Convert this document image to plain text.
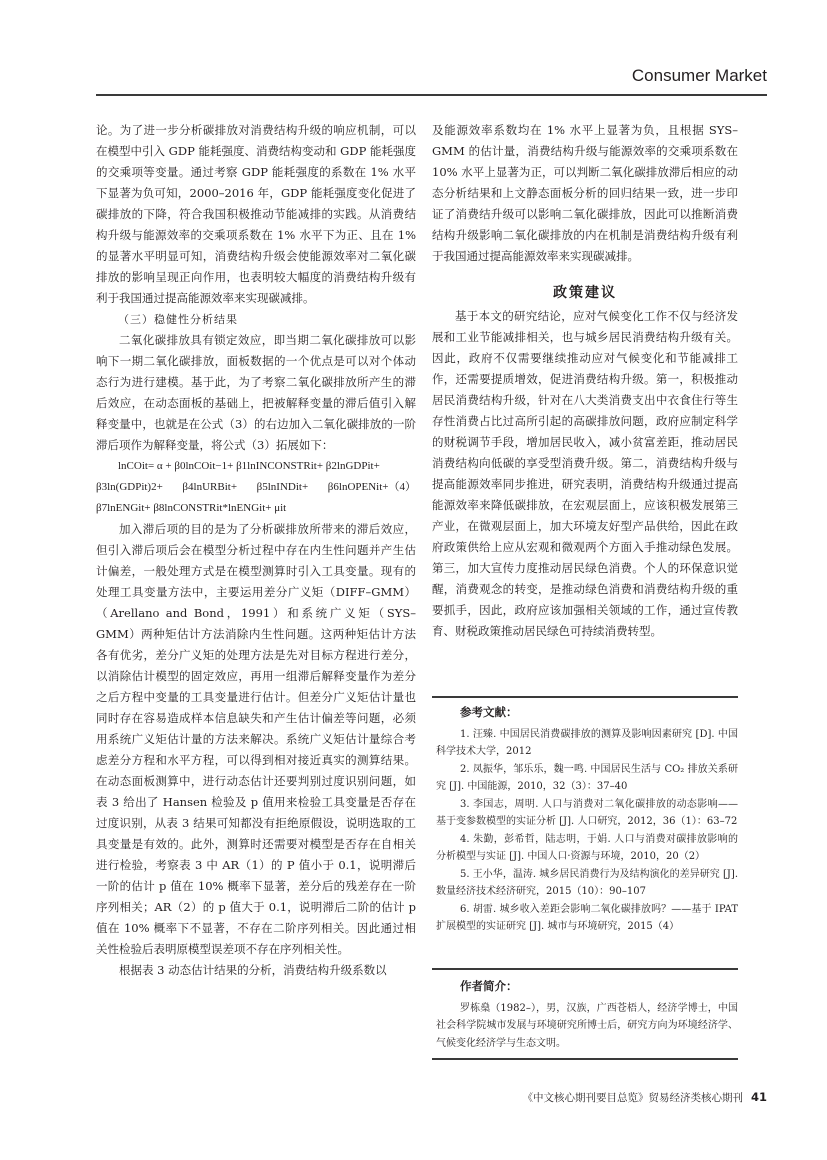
Consumer Market

论。为了进一步分析碳排放对消费结构升级的响应机制，可以在模型中引入 GDP 能耗强度、消费结构变动和 GDP 能耗强度的交乘项等变量。通过考察 GDP 能耗强度的系数在 1% 水平下显著为负可知，2000–2016 年，GDP 能耗强度变化促进了碳排放的下降，符合我国积极推动节能减排的实践。从消费结构升级与能源效率的交乘项系数在 1% 水平下为正、且在 1% 的显著水平明显可知，消费结构升级会使能源效率对二氧化碳排放的影响呈现正向作用，也表明较大幅度的消费结构升级有利于我国通过提高能源效率来实现碳减排。

（三）稳健性分析结果

二氧化碳排放具有锁定效应，即当期二氧化碳排放可以影响下一期二氧化碳排放，面板数据的一个优点是可以对个体动态行为进行建模。基于此，为了考察二氧化碳排放所产生的滞后效应，在动态面板的基础上，把被解释变量的滞后值引入解释变量中，也就是在公式（3）的右边加入二氧化碳排放的一阶滞后项作为解释变量，将公式（3）拓展如下：

lnCOit= α + β0lnCOit−1+ β1lnINCONSTRit+ β2lnGDPit+

（4）
β3ln(GDPit)2+ β4lnURBit+ β5lnINDit+ β6lnOPENit+ β7lnENGit+ β8lnCONSTRit*lnENGit+ μit

加入滞后项的目的是为了分析碳排放所带来的滞后效应，但引入滞后项后会在模型分析过程中存在内生性问题并产生估计偏差，一般处理方式是在模型测算时引入工具变量。现有的处理工具变量方法中，主要运用差分广义矩（DIFF–GMM）（Arellano and Bond，1991）和系统广义矩（SYS–GMM）两种矩估计方法消除内生性问题。这两种矩估计方法各有优劣，差分广义矩的处理方法是先对目标方程进行差分，以消除估计模型的固定效应，再用一组滞后解释变量作为差分之后方程中变量的工具变量进行估计。但差分广义矩估计量也同时存在容易造成样本信息缺失和产生估计偏差等问题，必须用系统广义矩估计量的方法来解决。系统广义矩估计量综合考虑差分方程和水平方程，可以得到相对接近真实的测算结果。在动态面板测算中，进行动态估计还要判别过度识别问题，如表 3 给出了 Hansen 检验及 p 值用来检验工具变量是否存在过度识别，从表 3 结果可知都没有拒绝原假设，说明选取的工具变量是有效的。此外，测算时还需要对模型是否存在自相关进行检验，考察表 3 中 AR（1）的 P 值小于 0.1，说明滞后一阶的估计 p 值在 10% 概率下显著，差分后的残差存在一阶序列相关；AR（2）的 p 值大于 0.1，说明滞后二阶的估计 p 值在 10% 概率下不显著，不存在二阶序列相关。因此通过相关性检验后表明原模型误差项不存在序列相关性。

根据表 3 动态估计结果的分析，消费结构升级系数以

及能源效率系数均在 1% 水平上显著为负，且根据 SYS–GMM 的估计量，消费结构升级与能源效率的交乘项系数在 10% 水平上显著为正，可以判断二氧化碳排放滞后相应的动态分析结果和上文静态面板分析的回归结果一致，进一步印证了消费结升级可以影响二氧化碳排放，因此可以推断消费结构升级影响二氧化碳排放的内在机制是消费结构升级有利于我国通过提高能源效率来实现碳减排。

政策建议

基于本文的研究结论，应对气候变化工作不仅与经济发展和工业节能减排相关，也与城乡居民消费结构升级有关。因此，政府不仅需要继续推动应对气候变化和节能减排工作，还需要提质增效，促进消费结构升级。第一，积极推动居民消费结构升级，针对在八大类消费支出中衣食住行等生存性消费占比过高所引起的高碳排放问题，政府应制定科学的财税调节手段，增加居民收入，减小贫富差距，推动居民消费结构向低碳的享受型消费升级。第二，消费结构升级与提高能源效率同步推进，研究表明，消费结构升级通过提高能源效率来降低碳排放，在宏观层面上，应该积极发展第三产业，在微观层面上，加大环境友好型产品供给，因此在政府政策供给上应从宏观和微观两个方面入手推动绿色发展。第三，加大宣传力度推动居民绿色消费。个人的环保意识觉醒，消费观念的转变，是推动绿色消费和消费结构升级的重要抓手，因此，政府应该加强相关领域的工作，通过宣传教育、财税政策推动居民绿色可持续消费转型。

参考文献：

1. 汪臻. 中国居民消费碳排放的测算及影响因素研究 [D]. 中国科学技术大学，2012

2. 凤振华，邹乐乐，魏一鸣. 中国居民生活与 CO₂ 排放关系研究 [J]. 中国能源，2010，32（3）：37–40

3. 李国志，周明. 人口与消费对二氧化碳排放的动态影响——基于变参数模型的实证分析 [J]. 人口研究，2012，36（1）：63–72

4. 朱勤，彭希哲，陆志明，于娟. 人口与消费对碳排放影响的分析模型与实证 [J]. 中国人口·资源与环境，2010，20（2）

5. 王小华，温涛. 城乡居民消费行为及结构演化的差异研究 [J]. 数量经济技术经济研究，2015（10）：90–107

6. 胡雷. 城乡收入差距会影响二氧化碳排放吗？——基于 IPAT 扩展模型的实证研究 [J]. 城市与环境研究，2015（4）

作者简介：

罗栋燊（1982–），男，汉族，广西苍梧人，经济学博士，中国社会科学院城市发展与环境研究所博士后，研究方向为环境经济学、气候变化经济学与生态文明。

《中文核心期刊要目总览》贸易经济类核心期刊 41
